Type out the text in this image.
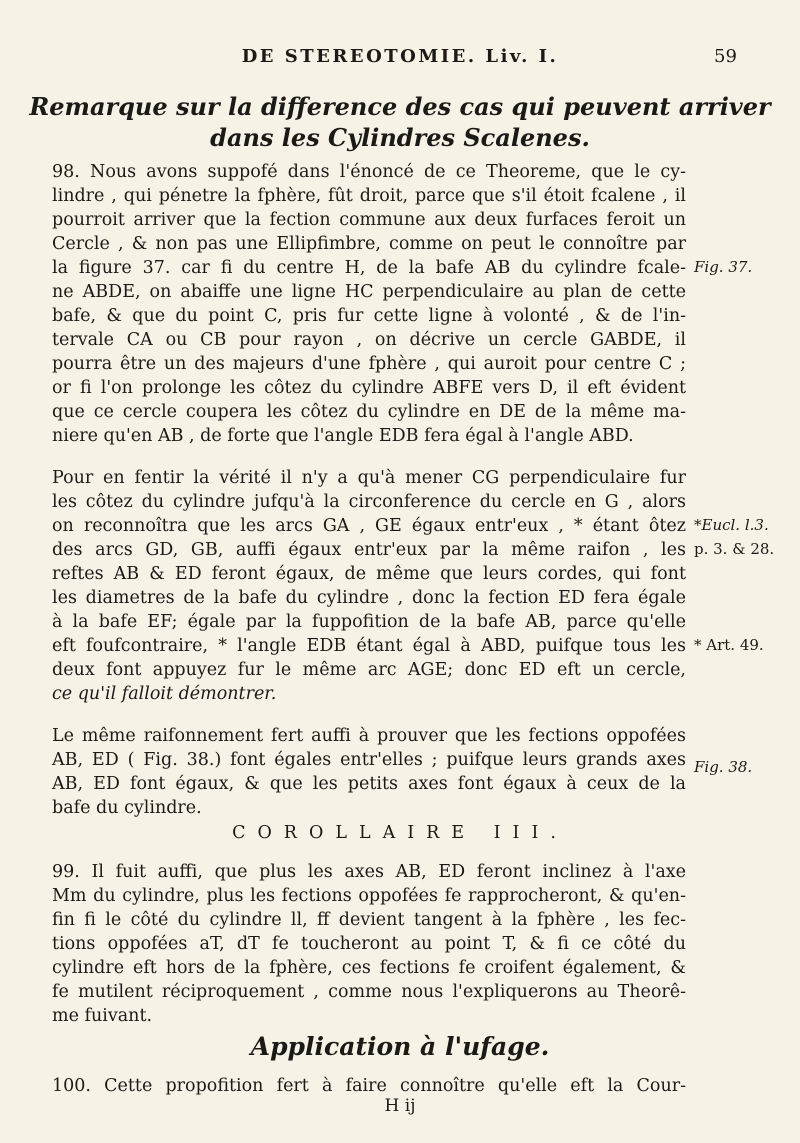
DE STEREOTOMIE. Liv. I.	59
Remarque sur la difference des cas qui peuvent arriver
dans les Cylindres Scalenes.
98. Nous avons suppofé dans l'énoncé de ce Theoreme, que le cy-
lindre , qui pénetre la fphère, fût droit, parce que s'il étoit fcalene , il
pourroit arriver que la fection commune aux deux furfaces feroit un
Cercle , & non pas une Ellipfimbre, comme on peut le connoître par
la figure 37. car fi du centre H, de la bafe AB du cylindre fcale-
ne ABDE, on abaiffe une ligne HC perpendiculaire au plan de cette
bafe, & que du point C, pris fur cette ligne à volonté , & de l'in-
tervale CA ou CB pour rayon , on décrive un cercle GABDE, il
pourra être un des majeurs d'une fphère , qui auroit pour centre C ;
or fi l'on prolonge les côtez du cylindre ABFE vers D, il eft évident
que ce cercle coupera les côtez du cylindre en DE de la même ma-
niere qu'en AB , de forte que l'angle EDB fera égal à l'angle ABD.
Pour en fentir la vérité il n'y a qu'à mener CG perpendiculaire fur
les côtez du cylindre jufqu'à la circonference du cercle en G , alors
on reconnoîtra que les arcs GA , GE égaux entr'eux , * étant ôtez
des arcs GD, GB, auffi égaux entr'eux par la même raifon , les
reftes AB & ED feront égaux, de même que leurs cordes, qui font
les diametres de la bafe du cylindre , donc la fection ED fera égale
à la bafe EF; égale par la fuppofition de la bafe AB, parce qu'elle
eft foufcontraire, * l'angle EDB étant égal à ABD, puifque tous les
deux font appuyez fur le même arc AGE; donc ED eft un cercle,
ce qu'il falloit démontrer.
Le même raifonnement fert auffi à prouver que les fections oppofées
AB, ED ( Fig. 38.) font égales entr'elles ; puifque leurs grands axes
AB, ED font égaux, & que les petits axes font égaux à ceux de la
bafe du cylindre.
COROLLAIRE III.
99. Il fuit auffi, que plus les axes AB, ED feront inclinez à l'axe
Mm du cylindre, plus les fections oppofées fe rapprocheront, & qu'en-
fin fi le côté du cylindre ll, ff devient tangent à la fphère , les fec-
tions oppofées aT, dT fe toucheront au point T, & fi ce côté du
cylindre eft hors de la fphère, ces fections fe croifent également, &
fe mutilent réciproquement , comme nous l'expliquerons au Theorê-
me fuivant.
Application à l'ufage.
100. Cette propofition fert à faire connoître qu'elle eft la Cour-
H ij
Fig. 37.
*Eucl. l.3.
p. 3. & 28.
* Art. 49.
Fig. 38.
